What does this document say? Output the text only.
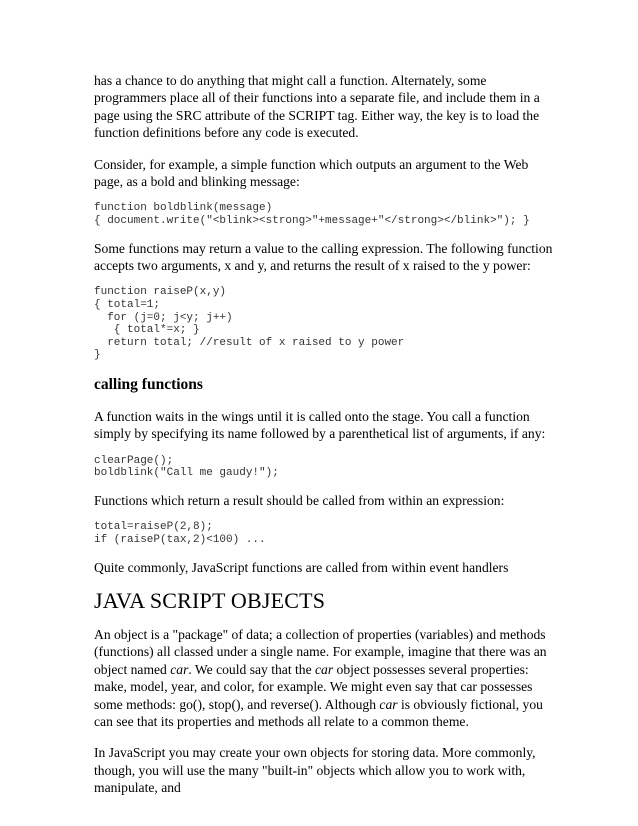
has a chance to do anything that might call a function. Alternately, some programmers place all of their functions into a separate file, and include them in a page using the SRC attribute of the SCRIPT tag. Either way, the key is to load the function definitions before any code is executed.

Consider, for example, a simple function which outputs an argument to the Web page, as a bold and blinking message:

function boldblink(message)
{ document.write("<blink><strong>"+message+"</strong></blink>"); }

Some functions may return a value to the calling expression. The following function accepts two arguments, x and y, and returns the result of x raised to the y power:

function raiseP(x,y)
{ total=1;
for (j=0; j<y; j++)
{ total*=x; }
return total; //result of x raised to y power
}
calling functions

A function waits in the wings until it is called onto the stage. You call a function simply by specifying its name followed by a parenthetical list of arguments, if any:

clearPage();
boldblink("Call me gaudy!");

Functions which return a result should be called from within an expression:

total=raiseP(2,8);
if (raiseP(tax,2)<100) ...

Quite commonly, JavaScript functions are called from within event handlers

JAVA SCRIPT OBJECTS

An object is a "package" of data; a collection of properties (variables) and methods (functions) all classed under a single name. For example, imagine that there was an object named car. We could say that the car object possesses several properties: make, model, year, and color, for example. We might even say that car possesses some methods: go(), stop(), and reverse(). Although car is obviously fictional, you can see that its properties and methods all relate to a common theme.

In JavaScript you may create your own objects for storing data. More commonly, though, you will use the many "built-in" objects which allow you to work with, manipulate, and
